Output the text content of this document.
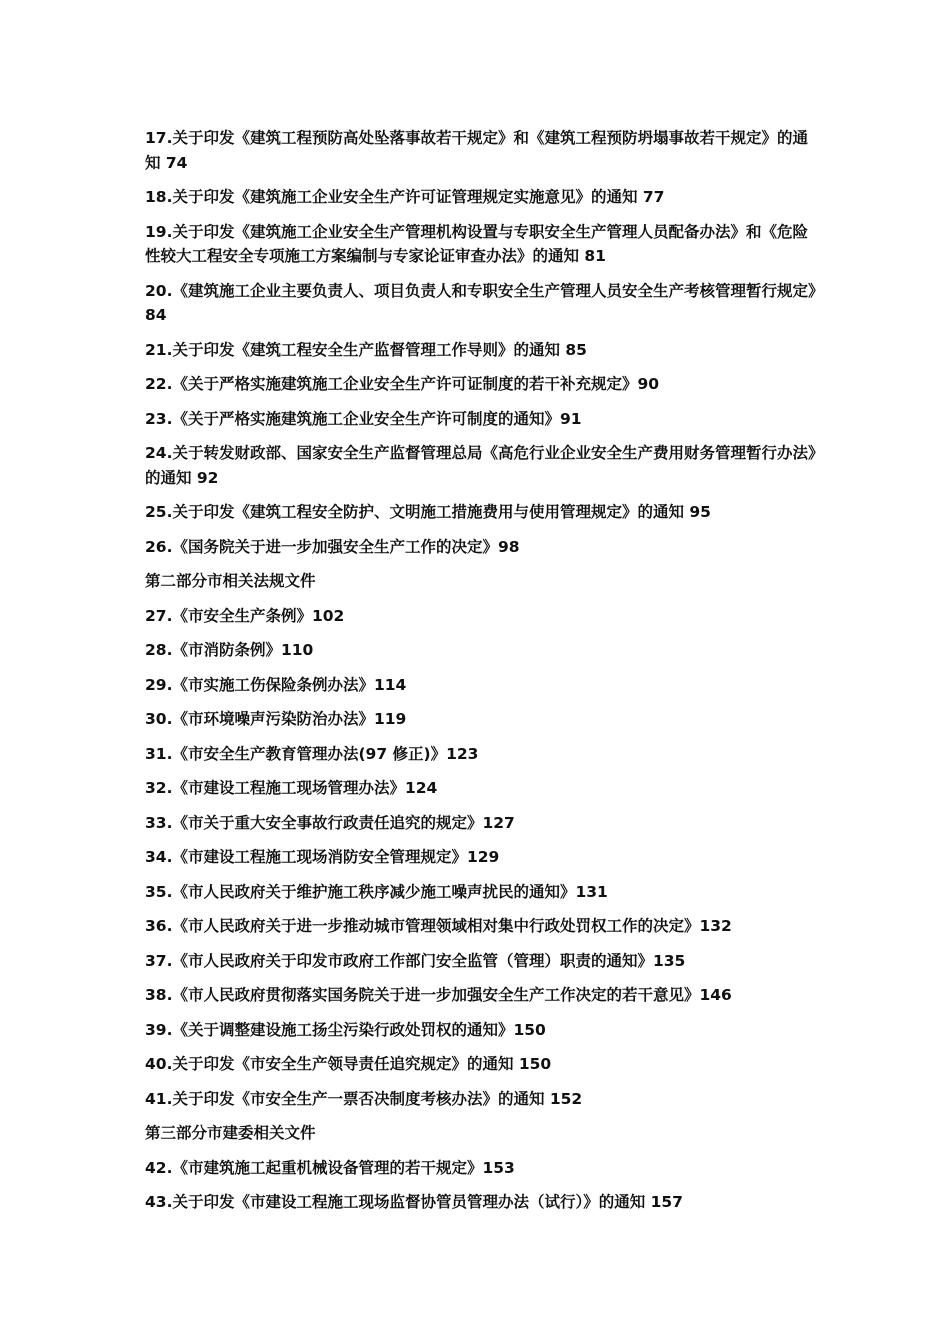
17.关于印发《建筑工程预防高处坠落事故若干规定》和《建筑工程预防坍塌事故若干规定》的通知 74
18.关于印发《建筑施工企业安全生产许可证管理规定实施意见》的通知 77
19.关于印发《建筑施工企业安全生产管理机构设置与专职安全生产管理人员配备办法》和《危险性较大工程安全专项施工方案编制与专家论证审查办法》的通知 81
20.《建筑施工企业主要负责人、项目负责人和专职安全生产管理人员安全生产考核管理暂行规定》84
21.关于印发《建筑工程安全生产监督管理工作导则》的通知 85
22.《关于严格实施建筑施工企业安全生产许可证制度的若干补充规定》90
23.《关于严格实施建筑施工企业安全生产许可制度的通知》91
24.关于转发财政部、国家安全生产监督管理总局《高危行业企业安全生产费用财务管理暂行办法》的通知 92
25.关于印发《建筑工程安全防护、文明施工措施费用与使用管理规定》的通知 95
26.《国务院关于进一步加强安全生产工作的决定》98
第二部分市相关法规文件
27.《市安全生产条例》102
28.《市消防条例》110
29.《市实施工伤保险条例办法》114
30.《市环境噪声污染防治办法》119
31.《市安全生产教育管理办法(97 修正)》123
32.《市建设工程施工现场管理办法》124
33.《市关于重大安全事故行政责任追究的规定》127
34.《市建设工程施工现场消防安全管理规定》129
35.《市人民政府关于维护施工秩序减少施工噪声扰民的通知》131
36.《市人民政府关于进一步推动城市管理领域相对集中行政处罚权工作的决定》132
37.《市人民政府关于印发市政府工作部门安全监管（管理）职责的通知》135
38.《市人民政府贯彻落实国务院关于进一步加强安全生产工作决定的若干意见》146
39.《关于调整建设施工扬尘污染行政处罚权的通知》150
40.关于印发《市安全生产领导责任追究规定》的通知 150
41.关于印发《市安全生产一票否决制度考核办法》的通知 152
第三部分市建委相关文件
42.《市建筑施工起重机械设备管理的若干规定》153
43.关于印发《市建设工程施工现场监督协管员管理办法（试行）》的通知 157
